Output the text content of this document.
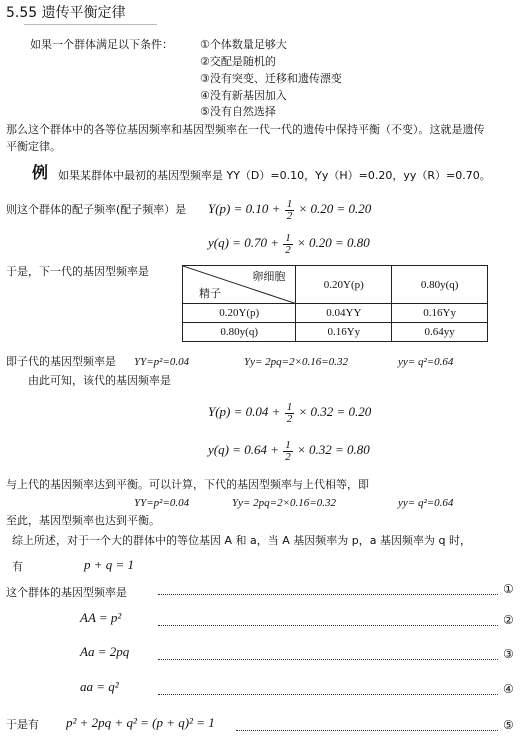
5.55 遗传平衡定律
如果一个群体满足以下条件： ①个体数量足够大
②交配是随机的
③没有突变、迁移和遗传漂变
④没有新基因加入
⑤没有自然选择
那么这个群体中的各等位基因频率和基因型频率在一代一代的遗传中保持平衡（不变）。这就是遗传
平衡定律。
例 如果某群体中最初的基因型频率是 YY（D）=0.10，Yy（H）=0.20，yy（R）=0.70。
则这个群体的配子频率(配子频率）是 $Y(p) = 0.10 + \frac{1}{2} \times 0.20 = 0.20$
$y(q) = 0.70 + \frac{1}{2} \times 0.20 = 0.80$
于是，下一代的基因型频率是	卵细胞
精子	0.20Y(p)	0.80y(q)
0.20Y(p)	0.04YY	0.16Yy
0.80y(q)	0.16Yy	0.64yy
即子代的基因型频率是 YY=p²=0.04	Yy= 2pq=2×0.16=0.32	yy= q²=0.64
由此可知，该代的基因频率是
$Y(p) = 0.04 + \frac{1}{2} \times 0.32 = 0.20$
$y(q) = 0.64 + \frac{1}{2} \times 0.32 = 0.80$
与上代的基因频率达到平衡。可以计算，下代的基因型频率与上代相等，即
YY=p²=0.04	Yy= 2pq=2×0.16=0.32	yy= q²=0.64
至此，基因型频率也达到平衡。
综上所述，对于一个大的群体中的等位基因 A 和 a，当 A 基因频率为 p，a 基因频率为 q 时，
有	p + q = 1
这个群体的基因型频率是	①
AA = p²	②
Aa = 2pq	③
aa = q²	④
于是有 p² + 2pq + q² = (p + q)² = 1	⑤
